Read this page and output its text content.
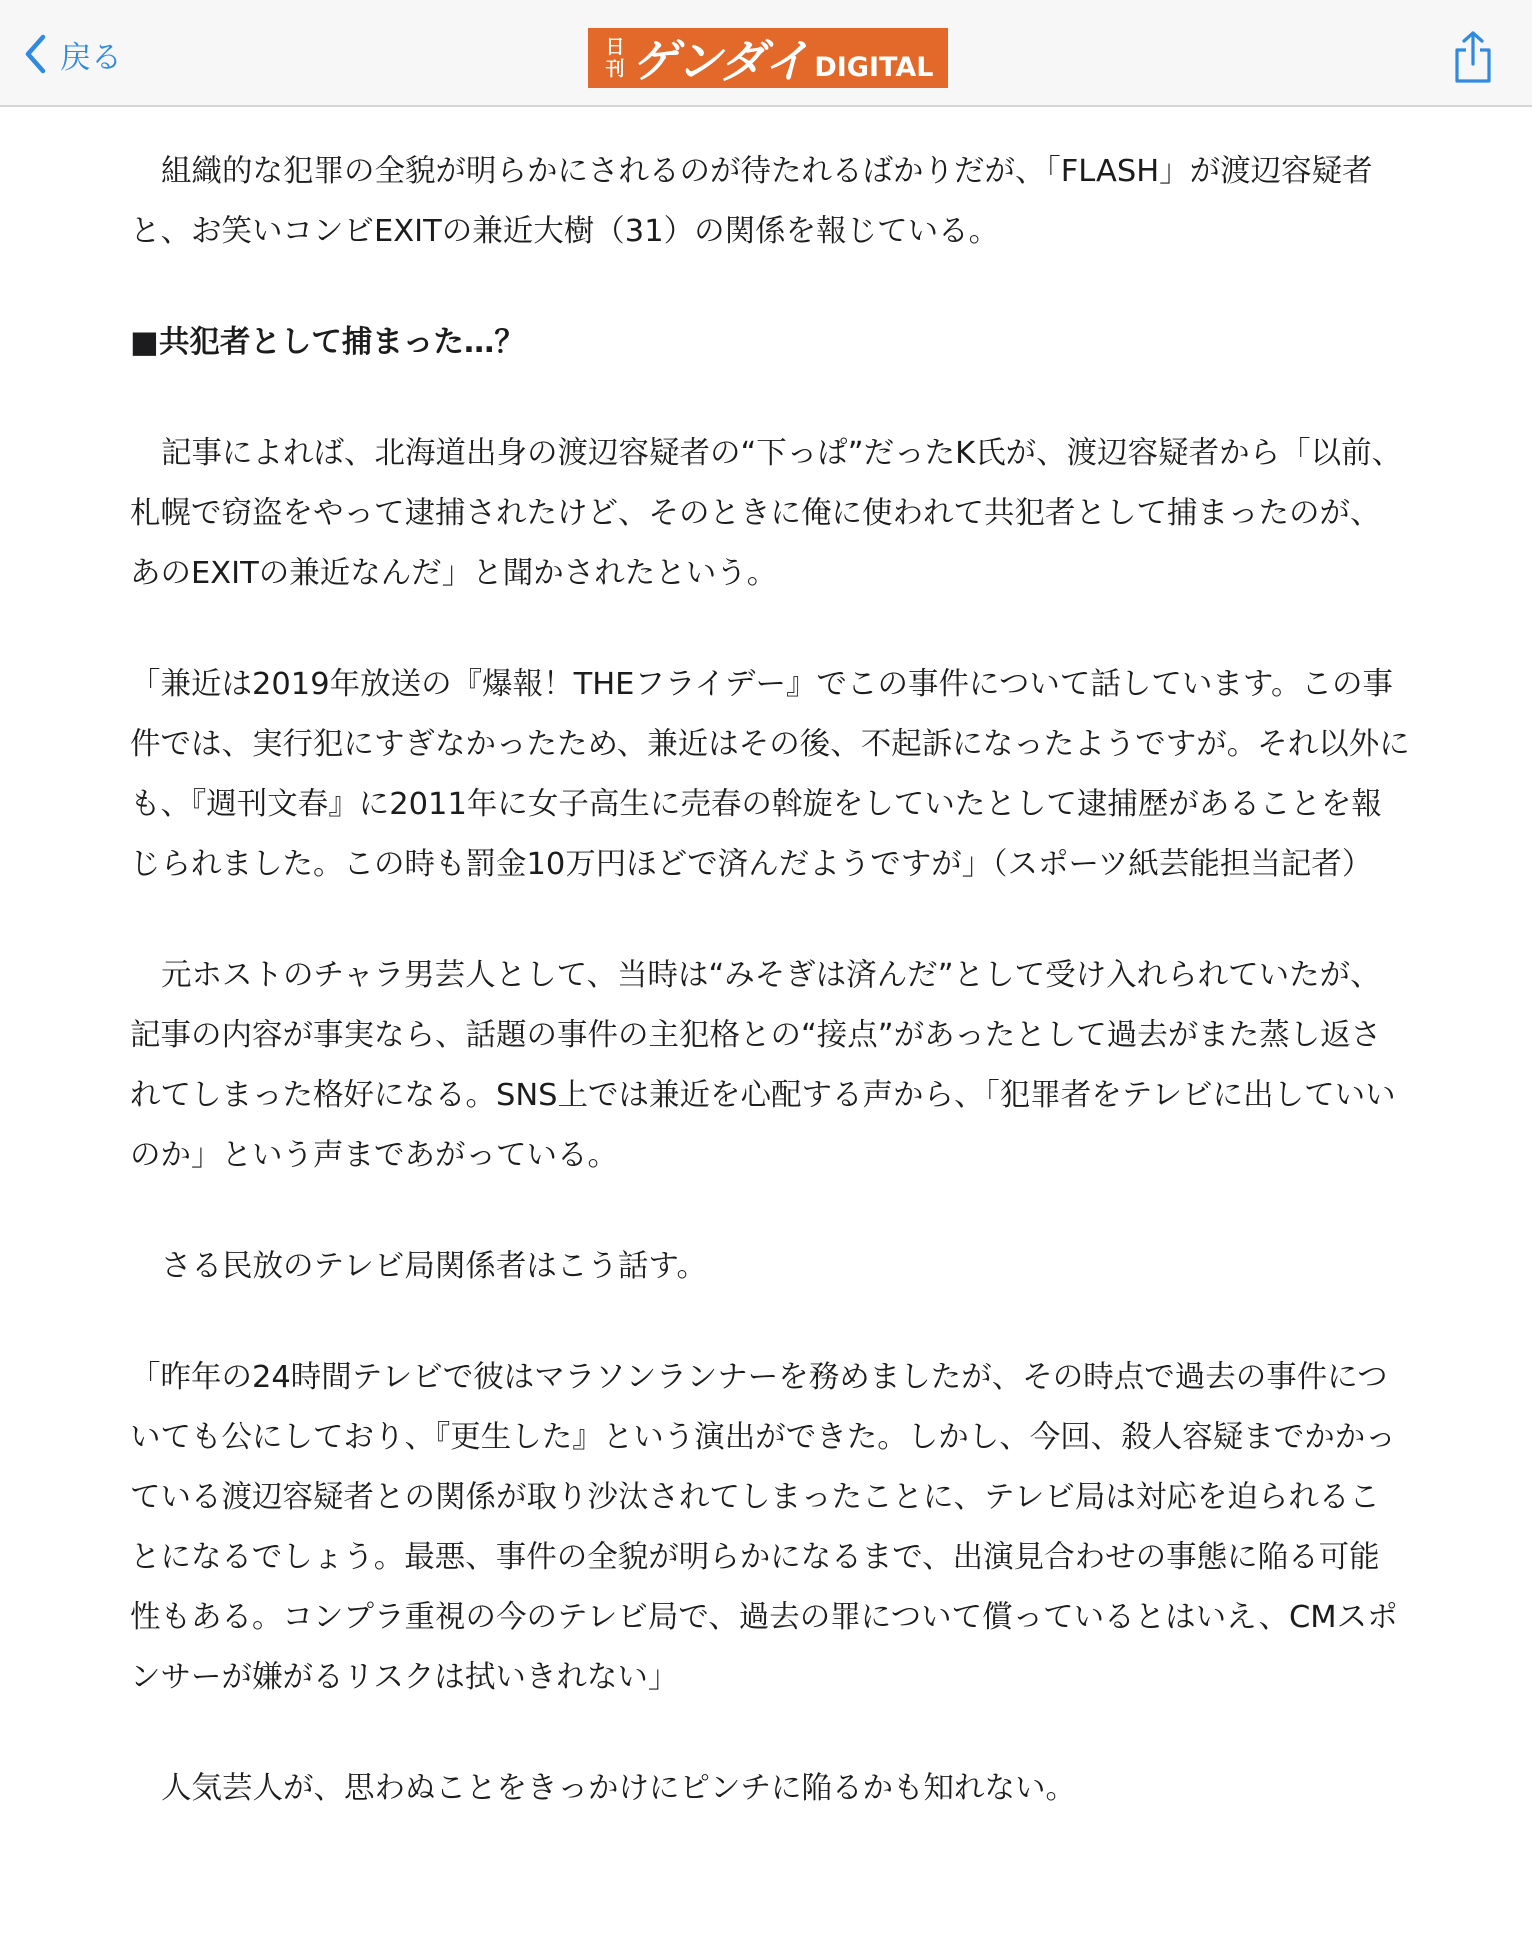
戻る	日
刊 ゲンダイ DIGITAL

組織的な犯罪の全貌が明らかにされるのが待たれるばかりだが、「FLASH」が渡辺容疑者と、お笑いコンビEXITの兼近大樹（31）の関係を報じている。

■共犯者として捕まった…？

記事によれば、北海道出身の渡辺容疑者の“下っぱ”だったK氏が、渡辺容疑者から「以前、札幌で窃盗をやって逮捕されたけど、そのときに俺に使われて共犯者として捕まったのが、あのEXITの兼近なんだ」と聞かされたという。

「兼近は2019年放送の『爆報！THEフライデー』でこの事件について話しています。この事件では、実行犯にすぎなかったため、兼近はその後、不起訴になったようですが。それ以外にも、『週刊文春』に2011年に女子高生に売春の斡旋をしていたとして逮捕歴があることを報じられました。この時も罰金10万円ほどで済んだようですが」（スポーツ紙芸能担当記者）

元ホストのチャラ男芸人として、当時は“みそぎは済んだ”として受け入れられていたが、記事の内容が事実なら、話題の事件の主犯格との“接点”があったとして過去がまた蒸し返されてしまった格好になる。SNS上では兼近を心配する声から、「犯罪者をテレビに出していいのか」という声まであがっている。

さる民放のテレビ局関係者はこう話す。

「昨年の24時間テレビで彼はマラソンランナーを務めましたが、その時点で過去の事件についても公にしており、『更生した』という演出ができた。しかし、今回、殺人容疑までかかっている渡辺容疑者との関係が取り沙汰されてしまったことに、テレビ局は対応を迫られることになるでしょう。最悪、事件の全貌が明らかになるまで、出演見合わせの事態に陥る可能性もある。コンプラ重視の今のテレビ局で、過去の罪について償っているとはいえ、CMスポンサーが嫌がるリスクは拭いきれない」

人気芸人が、思わぬことをきっかけにピンチに陥るかも知れない。
